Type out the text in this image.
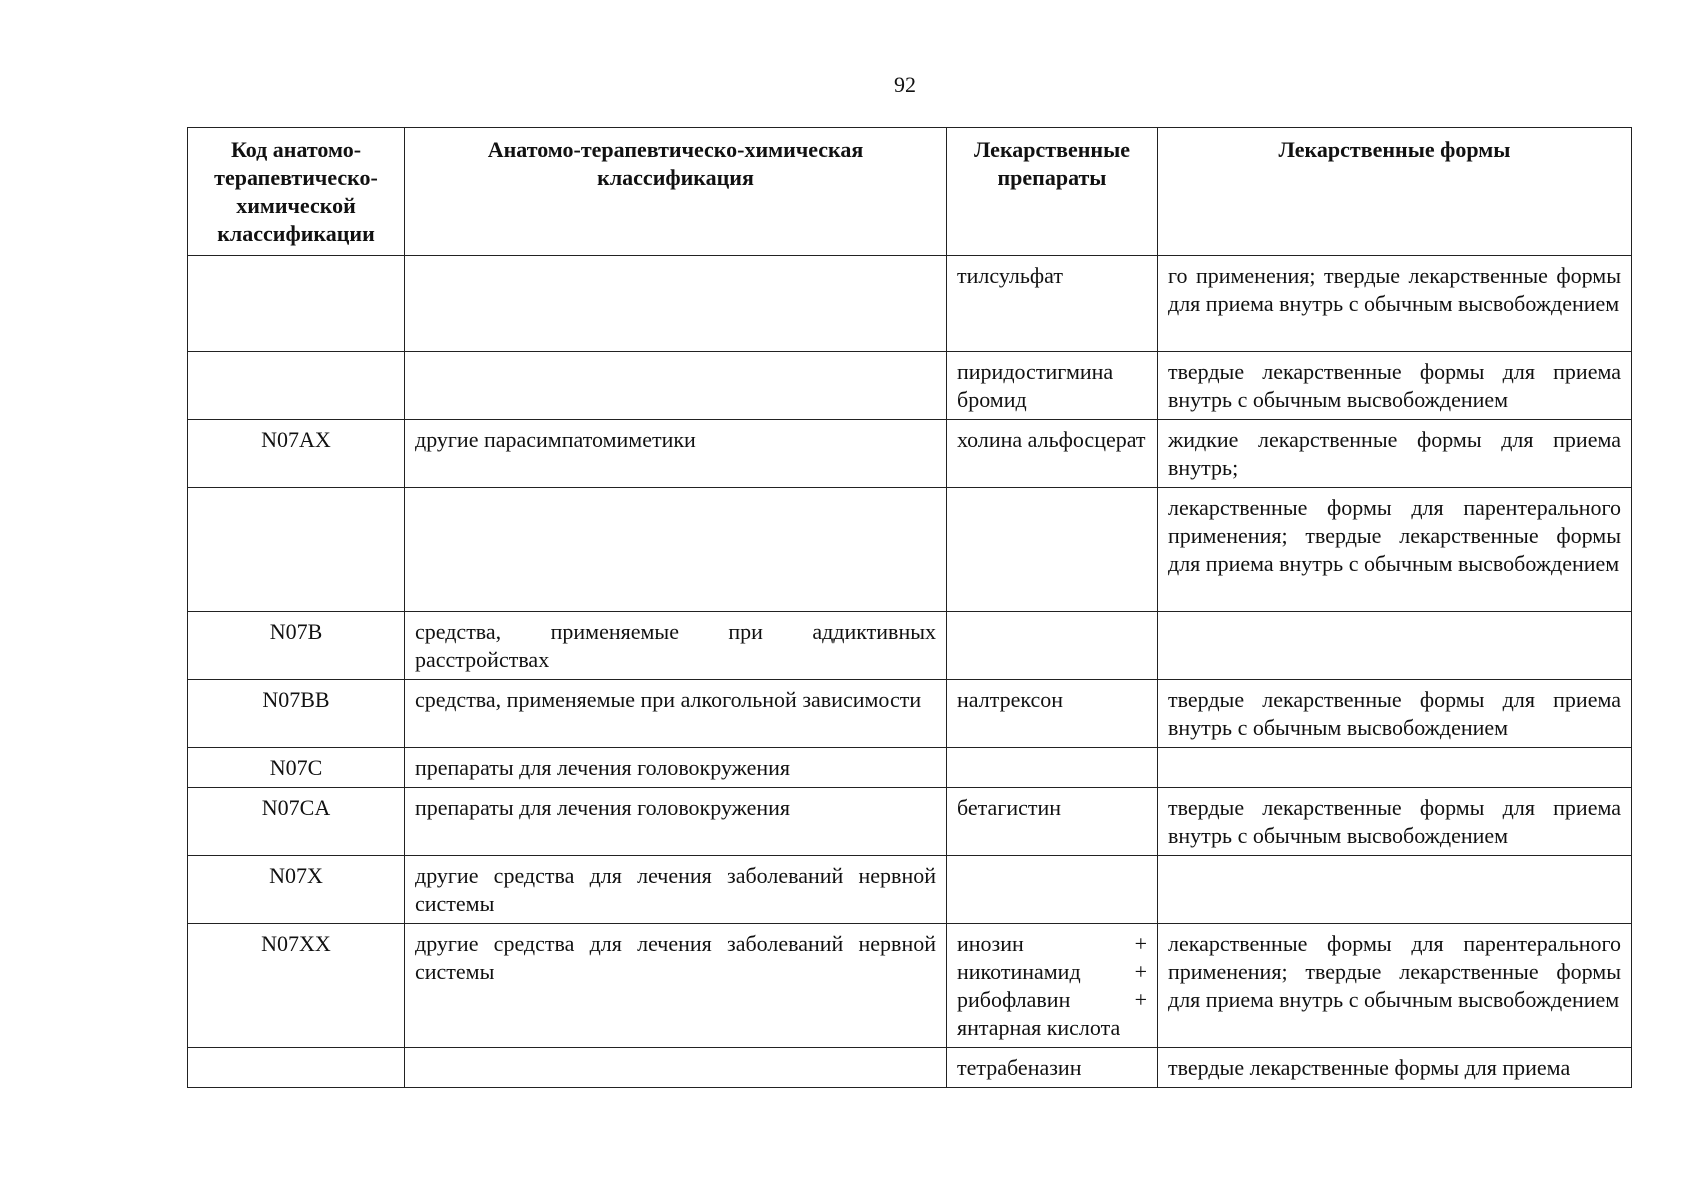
92
Код анатомо-терапевтическо-химической классификации	Анатомо-терапевтическо-химическая классификация	Лекарственные препараты	Лекарственные формы
		тилсульфат	го применения; твердые лекарственные формы для приема внутрь с обычным высвобождением
		пиридостигмина бромид	твердые лекарственные формы для приема внутрь с обычным высвобождением
N07AX	другие парасимпатомиметики	холина альфосцерат	жидкие лекарственные формы для приема внутрь;
			лекарственные формы для парентерального применения; твердые лекарственные формы для приема внутрь с обычным высвобождением
N07B	средства, применяемые при аддиктивных расстройствах		
N07BB	средства, применяемые при алкогольной зависимости	налтрексон	твердые лекарственные формы для приема внутрь с обычным высвобождением
N07C	препараты для лечения головокружения		
N07CA	препараты для лечения головокружения	бетагистин	твердые лекарственные формы для приема внутрь с обычным высвобождением
N07X	другие средства для лечения заболеваний нервной системы		
N07XX	другие средства для лечения заболеваний нервной системы	инозин + никотинамид + рибофлавин + янтарная кислота	лекарственные формы для парентерального применения; твердые лекарственные формы для приема внутрь с обычным высвобождением
		тетрабеназин	твердые лекарственные формы для приема
